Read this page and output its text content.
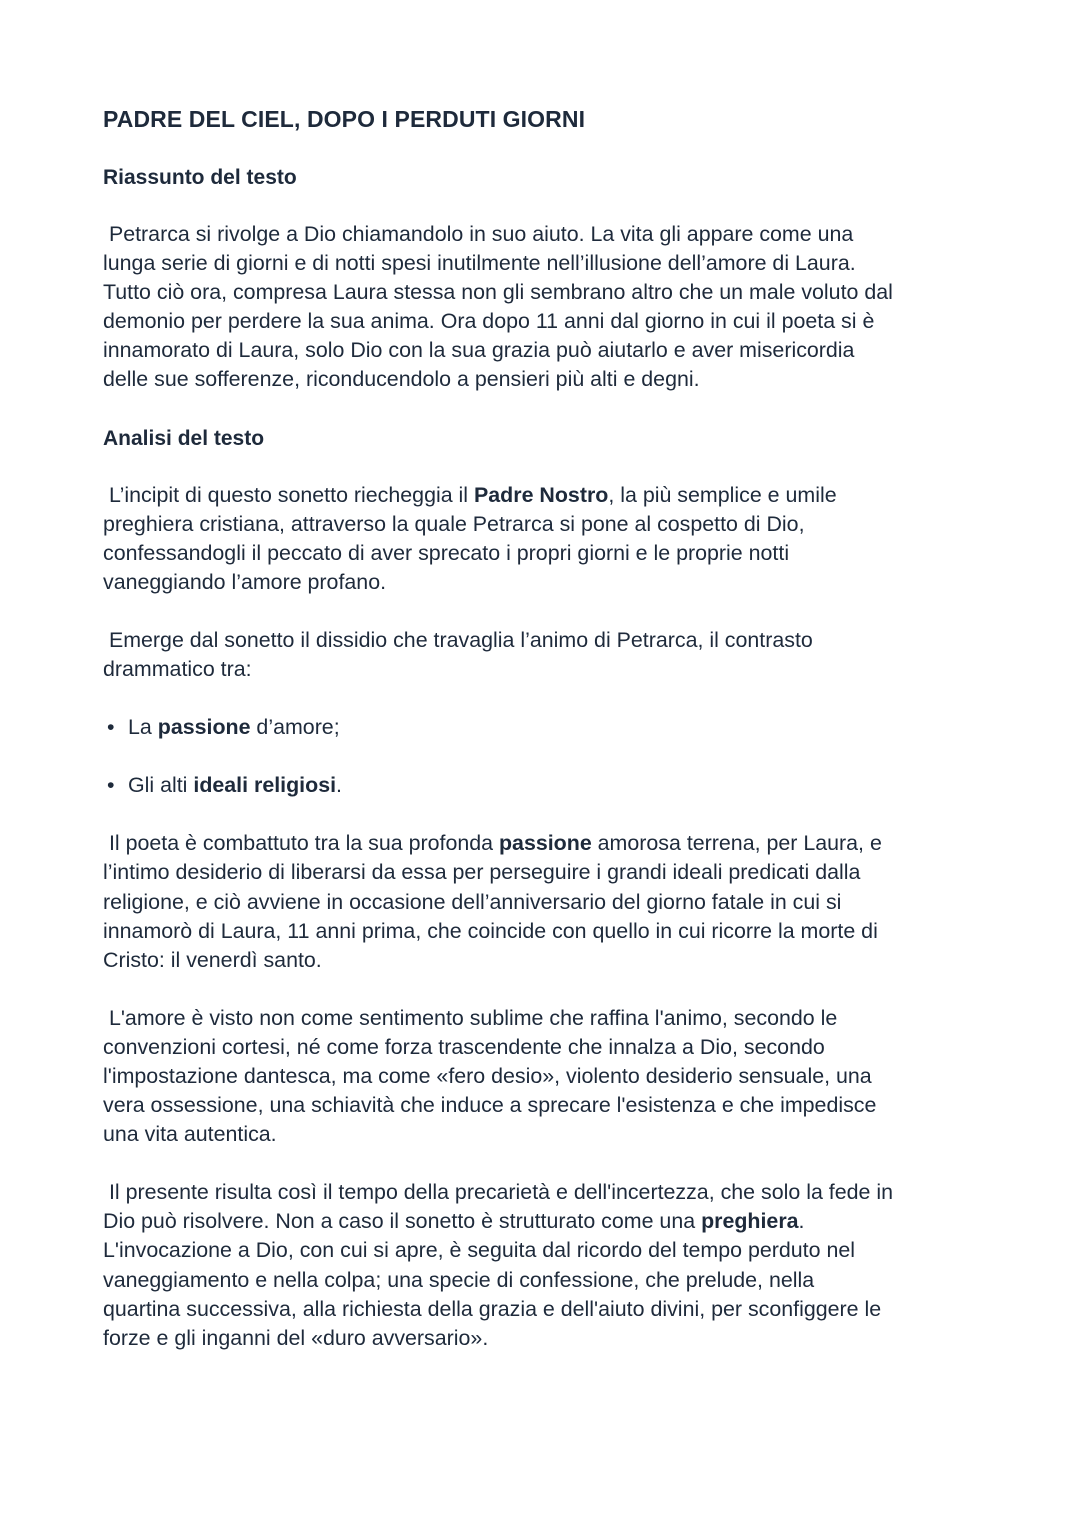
PADRE DEL CIEL, DOPO I PERDUTI GIORNI
Riassunto del testo
Petrarca si rivolge a Dio chiamandolo in suo aiuto. La vita gli appare come una
lunga serie di giorni e di notti spesi inutilmente nell’illusione dell’amore di Laura.
Tutto ciò ora, compresa Laura stessa non gli sembrano altro che un male voluto dal
demonio per perdere la sua anima. Ora dopo 11 anni dal giorno in cui il poeta si è
innamorato di Laura, solo Dio con la sua grazia può aiutarlo e aver misericordia
delle sue sofferenze, riconducendolo a pensieri più alti e degni.
Analisi del testo
L’incipit di questo sonetto riecheggia il Padre Nostro, la più semplice e umile
preghiera cristiana, attraverso la quale Petrarca si pone al cospetto di Dio,
confessandogli il peccato di aver sprecato i propri giorni e le proprie notti
vaneggiando l’amore profano.
Emerge dal sonetto il dissidio che travaglia l’animo di Petrarca, il contrasto
drammatico tra:
• La passione d’amore;
• Gli alti ideali religiosi.
Il poeta è combattuto tra la sua profonda passione amorosa terrena, per Laura, e
l’intimo desiderio di liberarsi da essa per perseguire i grandi ideali predicati dalla
religione, e ciò avviene in occasione dell’anniversario del giorno fatale in cui si
innamorò di Laura, 11 anni prima, che coincide con quello in cui ricorre la morte di
Cristo: il venerdì santo.
L'amore è visto non come sentimento sublime che raffina l'animo, secondo le
convenzioni cortesi, né come forza trascendente che innalza a Dio, secondo
l'impostazione dantesca, ma come «fero desio», violento desiderio sensuale, una
vera ossessione, una schiavità che induce a sprecare l'esistenza e che impedisce
una vita autentica.
Il presente risulta così il tempo della precarietà e dell'incertezza, che solo la fede in
Dio può risolvere. Non a caso il sonetto è strutturato come una preghiera.
L'invocazione a Dio, con cui si apre, è seguita dal ricordo del tempo perduto nel
vaneggiamento e nella colpa; una specie di confessione, che prelude, nella
quartina successiva, alla richiesta della grazia e dell'aiuto divini, per sconfiggere le
forze e gli inganni del «duro avversario».
